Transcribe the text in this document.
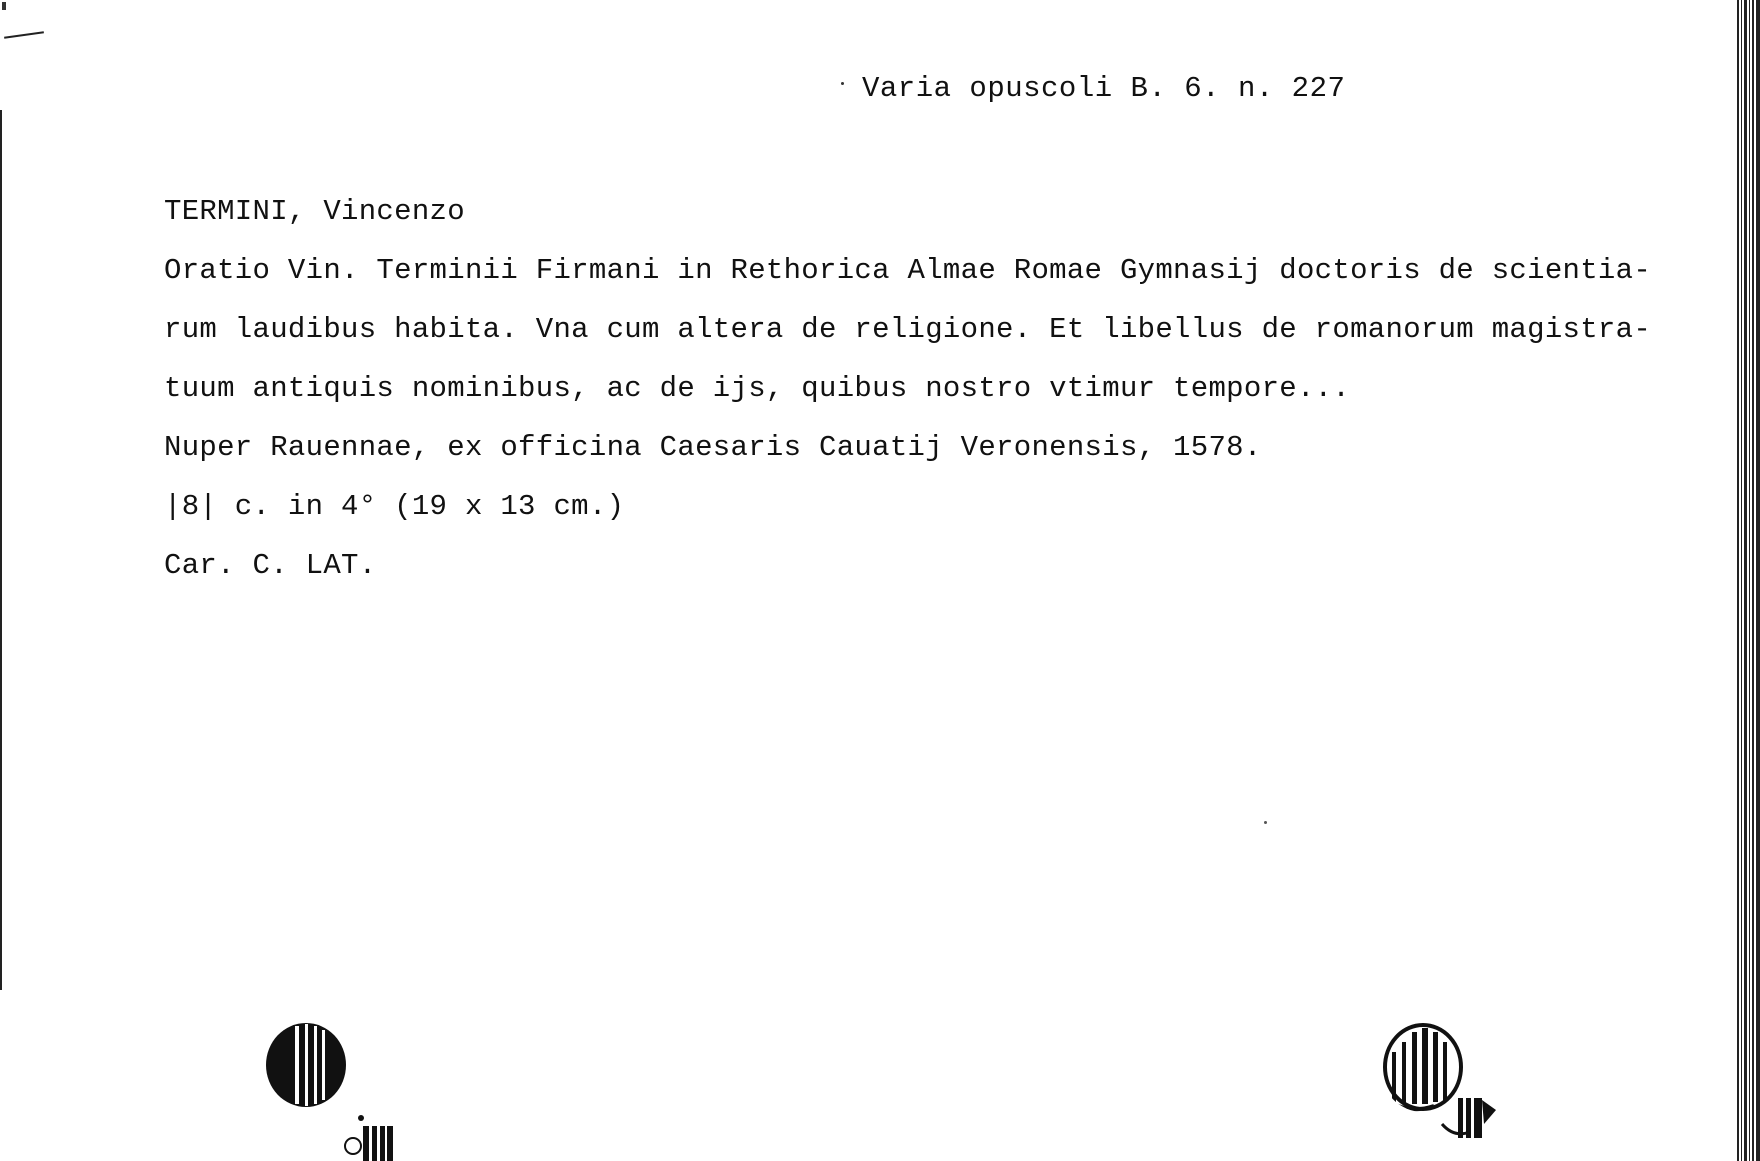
Varia opuscoli B. 6. n. 227
TERMINI, Vincenzo
Oratio Vin. Terminii Firmani in Rethorica Almae Romae Gymnasij doctoris de scientia-
rum laudibus habita. Vna cum altera de religione. Et libellus de romanorum magistra-
tuum antiquis nominibus, ac de ijs, quibus nostro vtimur tempore...
Nuper Rauennae, ex officina Caesaris Cauatij Veronensis, 1578.
|8| c. in 4° (19 x 13 cm.)
Car. C. LAT.
